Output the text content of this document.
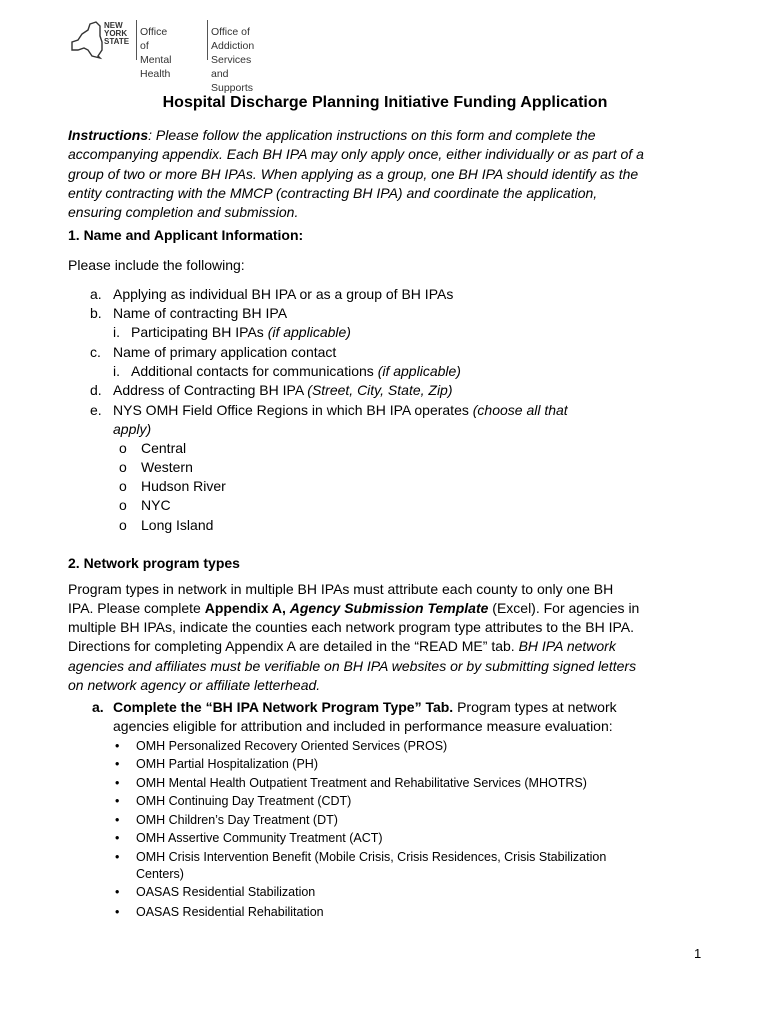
NEW
YORK
STATE
Office of
Mental Health
Office of Addiction
Services and Supports
Hospital Discharge Planning Initiative Funding Application
Instructions: Please follow the application instructions on this form and complete the
accompanying appendix. Each BH IPA may only apply once, either individually or as part of a
group of two or more BH IPAs. When applying as a group, one BH IPA should identify as the
entity contracting with the MMCP (contracting BH IPA) and coordinate the application,
ensuring completion and submission.
1. Name and Applicant Information:
Please include the following:
a. Applying as individual BH IPA or as a group of BH IPAs
b. Name of contracting BH IPA
i. Participating BH IPAs (if applicable)
c. Name of primary application contact
i. Additional contacts for communications (if applicable)
d. Address of Contracting BH IPA (Street, City, State, Zip)
e. NYS OMH Field Office Regions in which BH IPA operates (choose all that
apply)
o Central
o Western
o Hudson River
o NYC
o Long Island
2. Network program types
Program types in network in multiple BH IPAs must attribute each county to only one BH
IPA. Please complete Appendix A, Agency Submission Template (Excel). For agencies in
multiple BH IPAs, indicate the counties each network program type attributes to the BH IPA.
Directions for completing Appendix A are detailed in the “READ ME” tab. BH IPA network
agencies and affiliates must be verifiable on BH IPA websites or by submitting signed letters
on network agency or affiliate letterhead.
a. Complete the “BH IPA Network Program Type” Tab. Program types at network
agencies eligible for attribution and included in performance measure evaluation:
• OMH Personalized Recovery Oriented Services (PROS)
• OMH Partial Hospitalization (PH)
• OMH Mental Health Outpatient Treatment and Rehabilitative Services (MHOTRS)
• OMH Continuing Day Treatment (CDT)
• OMH Children’s Day Treatment (DT)
• OMH Assertive Community Treatment (ACT)
• OMH Crisis Intervention Benefit (Mobile Crisis, Crisis Residences, Crisis Stabilization
Centers)
• OASAS Residential Stabilization
• OASAS Residential Rehabilitation
1
